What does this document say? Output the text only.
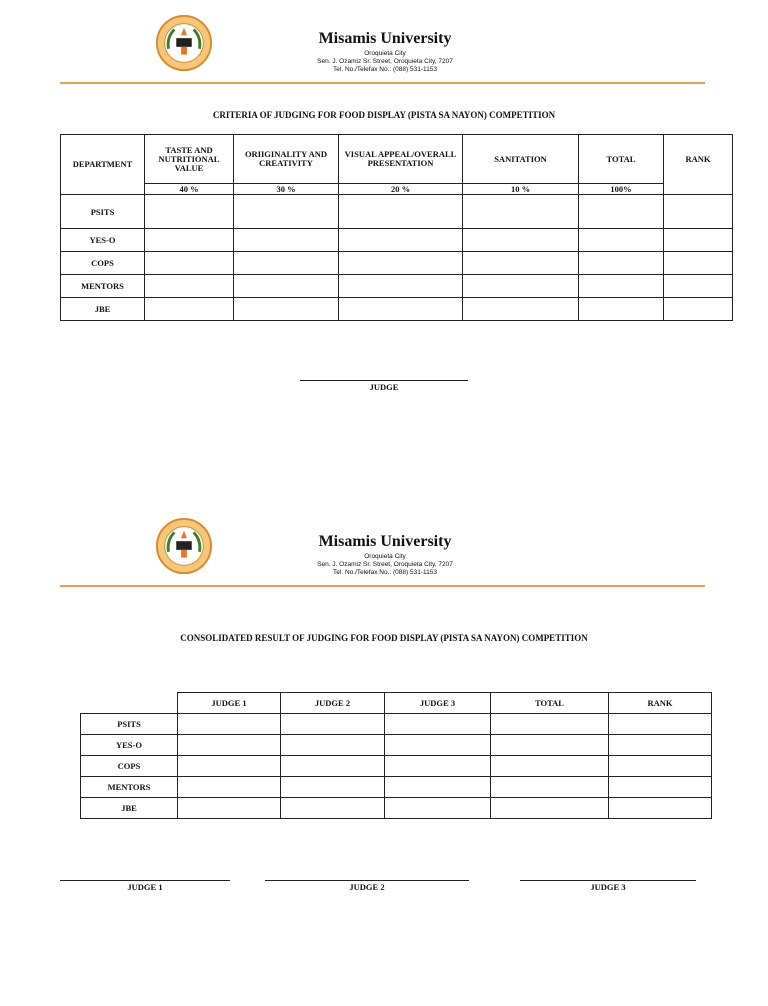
Misamis University
Oroquieta City
Sen. J. Ozamiz Sr. Street, Oroquieta City, 7207
Tel. No./Telefax No.: (088) 531-1153
CRITERIA OF JUDGING FOR FOOD DISPLAY (PISTA SA NAYON) COMPETITION
DEPARTMENT	TASTE AND NUTRITIONAL VALUE	ORIIGINALITY AND CREATIVITY	VISUAL APPEAL/OVERALL PRESENTATION	SANITATION	TOTAL	RANK
	40 %	30 %	20 %	10 %	100%	
PSITS						
YES-O						
COPS						
MENTORS						
JBE						
JUDGE
Misamis University
Oroquieta City
Sen. J. Ozamiz Sr. Street, Oroquieta City, 7207
Tel. No./Telefax No.: (088) 531-1153
CONSOLIDATED RESULT OF JUDGING FOR FOOD DISPLAY (PISTA SA NAYON) COMPETITION
	JUDGE 1	JUDGE 2	JUDGE 3	TOTAL	RANK
PSITS					
YES-O					
COPS					
MENTORS					
JBE					
JUDGE 1	JUDGE 2	JUDGE 3
